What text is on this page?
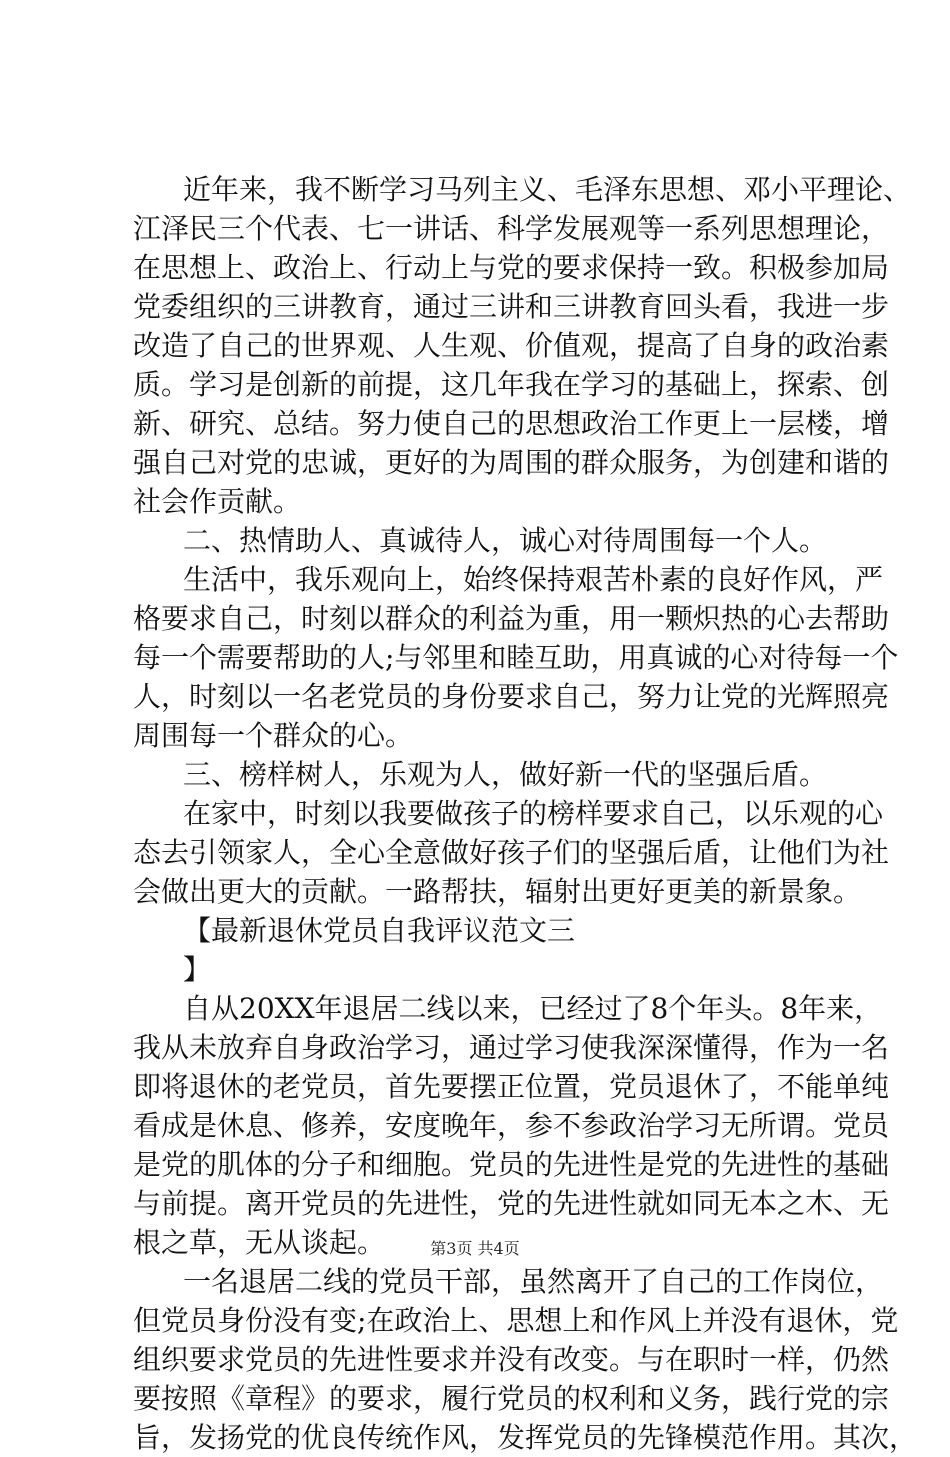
近年来，我不断学习马列主义、毛泽东思想、邓小平理论、
江泽民三个代表、七一讲话、科学发展观等一系列思想理论，
在思想上、政治上、行动上与党的要求保持一致。积极参加局
党委组织的三讲教育，通过三讲和三讲教育回头看，我进一步
改造了自己的世界观、人生观、价值观，提高了自身的政治素
质。学习是创新的前提，这几年我在学习的基础上，探索、创
新、研究、总结。努力使自己的思想政治工作更上一层楼，增
强自己对党的忠诚，更好的为周围的群众服务，为创建和谐的
社会作贡献。
二、热情助人、真诚待人，诚心对待周围每一个人。
生活中，我乐观向上，始终保持艰苦朴素的良好作风，严
格要求自己，时刻以群众的利益为重，用一颗炽热的心去帮助
每一个需要帮助的人;与邻里和睦互助，用真诚的心对待每一个
人，时刻以一名老党员的身份要求自己，努力让党的光辉照亮
周围每一个群众的心。
三、榜样树人，乐观为人，做好新一代的坚强后盾。
在家中，时刻以我要做孩子的榜样要求自己，以乐观的心
态去引领家人，全心全意做好孩子们的坚强后盾，让他们为社
会做出更大的贡献。一路帮扶，辐射出更好更美的新景象。
【最新退休党员自我评议范文三
】
自从20XX年退居二线以来，已经过了8个年头。8年来，
我从未放弃自身政治学习，通过学习使我深深懂得，作为一名
即将退休的老党员，首先要摆正位置，党员退休了，不能单纯
看成是休息、修养，安度晚年，参不参政治学习无所谓。党员
是党的肌体的分子和细胞。党员的先进性是党的先进性的基础
与前提。离开党员的先进性，党的先进性就如同无本之木、无
根之草，无从谈起。
一名退居二线的党员干部，虽然离开了自己的工作岗位，
但党员身份没有变;在政治上、思想上和作风上并没有退休，党
组织要求党员的先进性要求并没有改变。与在职时一样，仍然
要按照《章程》的要求，履行党员的权利和义务，践行党的宗
旨，发扬党的优良传统作风，发挥党员的先锋模范作用。其次，
第3页 共4页
